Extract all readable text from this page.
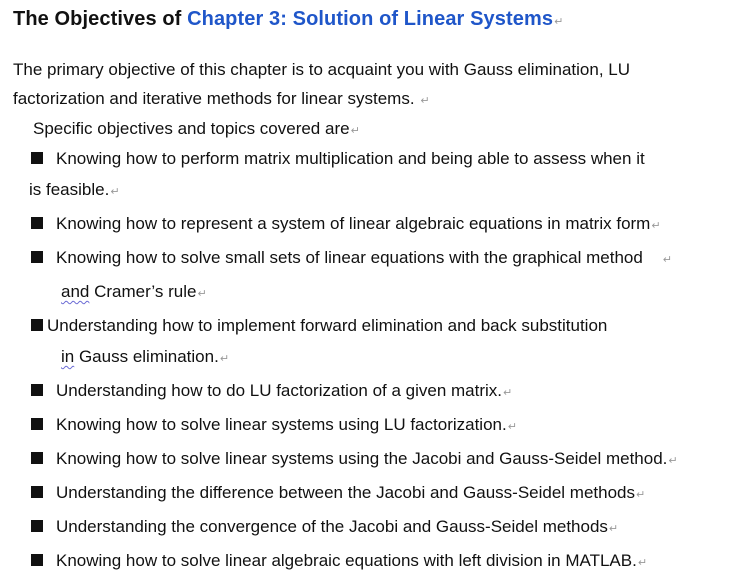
The Objectives of Chapter 3: Solution of Linear Systems↵

The primary objective of this chapter is to acquaint you with Gauss elimination, LU

factorization and iterative methods for linear systems. ↵

Specific objectives and topics covered are↵
Knowing how to perform matrix multiplication and being able to assess when it
is feasible.↵
Knowing how to represent a system of linear algebraic equations in matrix form↵
Knowing how to solve small sets of linear equations with the graphical method ↵
and Cramer’s rule↵
Understanding how to implement forward elimination and back substitution
in Gauss elimination.↵
Understanding how to do LU factorization of a given matrix.↵
Knowing how to solve linear systems using LU factorization.↵
Knowing how to solve linear systems using the Jacobi and Gauss-Seidel method.↵
Understanding the difference between the Jacobi and Gauss-Seidel methods↵
Understanding the convergence of the Jacobi and Gauss-Seidel methods↵
Knowing how to solve linear algebraic equations with left division in MATLAB.↵
